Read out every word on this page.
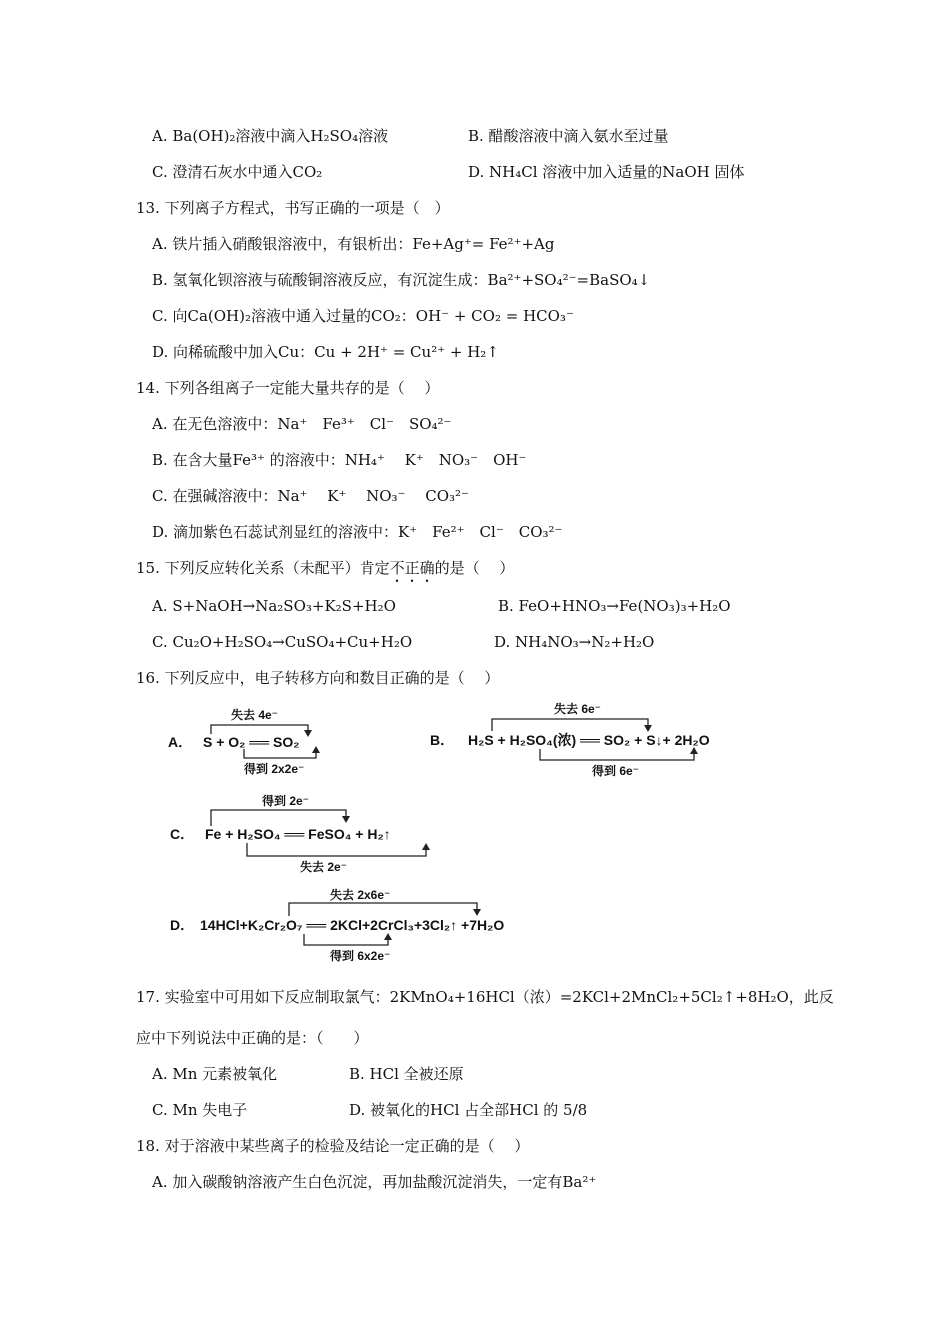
A. Ba(OH)₂溶液中滴入H₂SO₄溶液	B. 醋酸溶液中滴入氨水至过量
C. 澄清石灰水中通入CO₂	D. NH₄Cl 溶液中加入适量的NaOH 固体
13. 下列离子方程式，书写正确的一项是（　）
A. 铁片插入硝酸银溶液中，有银析出：Fe+Ag⁺= Fe²⁺+Ag
B. 氢氧化钡溶液与硫酸铜溶液反应，有沉淀生成：Ba²⁺+SO₄²⁻=BaSO₄↓
C. 向Ca(OH)₂溶液中通入过量的CO₂：OH⁻ + CO₂ = HCO₃⁻
D. 向稀硫酸中加入Cu：Cu + 2H⁺ = Cu²⁺ + H₂↑
14. 下列各组离子一定能大量共存的是（　 ）
A. 在无色溶液中：Na⁺　Fe³⁺　Cl⁻　SO₄²⁻
B. 在含大量Fe³⁺ 的溶液中：NH₄⁺　 K⁺　NO₃⁻　OH⁻
C. 在强碱溶液中：Na⁺　 K⁺　 NO₃⁻　 CO₃²⁻
D. 滴加紫色石蕊试剂显红的溶液中：K⁺　Fe²⁺　Cl⁻　CO₃²⁻
15. 下列反应转化关系（未配平）肯定不正确的是（　 ）
A. S+NaOH→Na₂SO₃+K₂S+H₂O	B. FeO+HNO₃→Fe(NO₃)₃+H₂O
C. Cu₂O+H₂SO₄→CuSO₄+Cu+H₂O	D. NH₄NO₃→N₂+H₂O
16. 下列反应中，电子转移方向和数目正确的是（　 ）
失去 4e⁻
A． S + O₂ ══ SO₂
得到 2x2e⁻
失去 6e⁻
B． H₂S + H₂SO₄(浓) ══ SO₂ + S↓+ 2H₂O
得到 6e⁻
得到 2e⁻
C． Fe + H₂SO₄ ══ FeSO₄ + H₂↑
失去 2e⁻
失去 2x6e⁻
D． 14HCl+K₂Cr₂O₇ ══ 2KCl+2CrCl₃+3Cl₂↑ +7H₂O
得到 6x2e⁻
17. 实验室中可用如下反应制取氯气：2KMnO₄+16HCl（浓）=2KCl+2MnCl₂+5Cl₂↑+8H₂O，此反
应中下列说法中正确的是：（　　）
A. Mn 元素被氧化	B. HCl 全被还原
C. Mn 失电子	D. 被氧化的HCl 占全部HCl 的 5/8
18. 对于溶液中某些离子的检验及结论一定正确的是（　 ）
A. 加入碳酸钠溶液产生白色沉淀，再加盐酸沉淀消失，一定有Ba²⁺
